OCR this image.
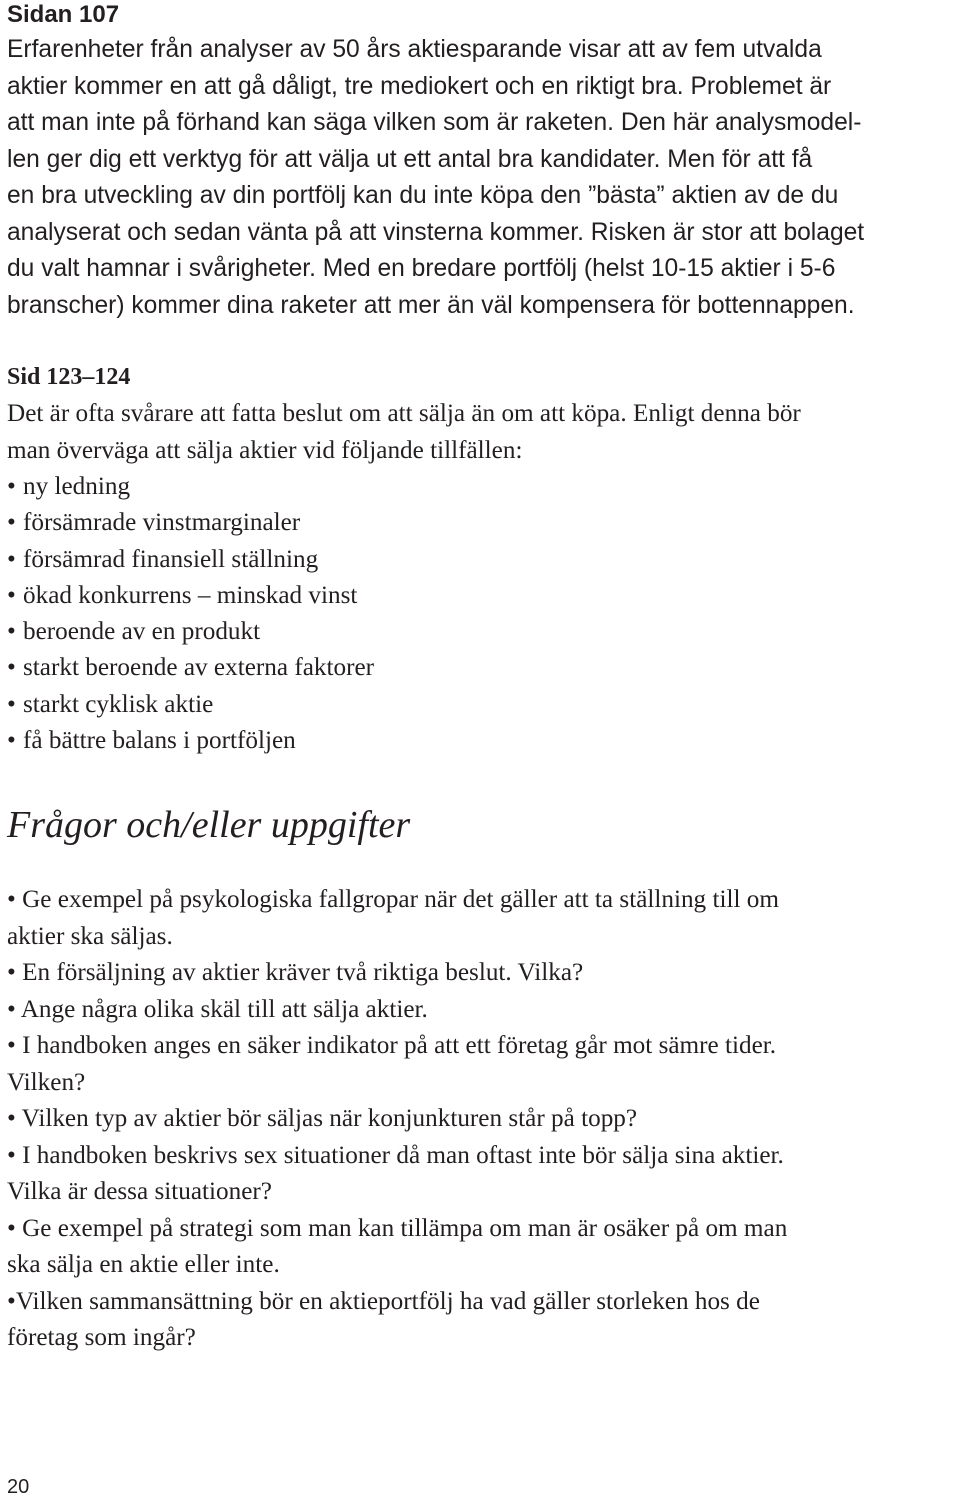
Sidan 107

Erfarenheter från analyser av 50 års aktiesparande visar att av fem utvalda
aktier kommer en att gå dåligt, tre mediokert och en riktigt bra. Problemet är
att man inte på förhand kan säga vilken som är raketen. Den här analysmodel-
len ger dig ett verktyg för att välja ut ett antal bra kandidater. Men för att få
en bra utveckling av din portfölj kan du inte köpa den ”bästa” aktien av de du
analyserat och sedan vänta på att vinsterna kommer. Risken är stor att bolaget
du valt hamnar i svårigheter. Med en bredare portfölj (helst 10-15 aktier i 5-6
branscher) kommer dina raketer att mer än väl kompensera för bottennappen.

Sid 123–124

Det är ofta svårare att fatta beslut om att sälja än om att köpa. Enligt denna bör
man överväga att sälja aktier vid följande tillfällen:

• ny ledning
• försämrade vinstmarginaler
• försämrad finansiell ställning
• ökad konkurrens – minskad vinst
• beroende av en produkt
• starkt beroende av externa faktorer
• starkt cyklisk aktie
• få bättre balans i portföljen
Frågor och/eller uppgifter
• Ge exempel på psykologiska fallgropar när det gäller att ta ställning till om
aktier ska säljas.
• En försäljning av aktier kräver två riktiga beslut. Vilka?
• Ange några olika skäl till att sälja aktier.
• I handboken anges en säker indikator på att ett företag går mot sämre tider.
Vilken?
• Vilken typ av aktier bör säljas när konjunkturen står på topp?
• I handboken beskrivs sex situationer då man oftast inte bör sälja sina aktier.
Vilka är dessa situationer?
• Ge exempel på strategi som man kan tillämpa om man är osäker på om man
ska sälja en aktie eller inte.
•Vilken sammansättning bör en aktieportfölj ha vad gäller storleken hos de
företag som ingår?
20
